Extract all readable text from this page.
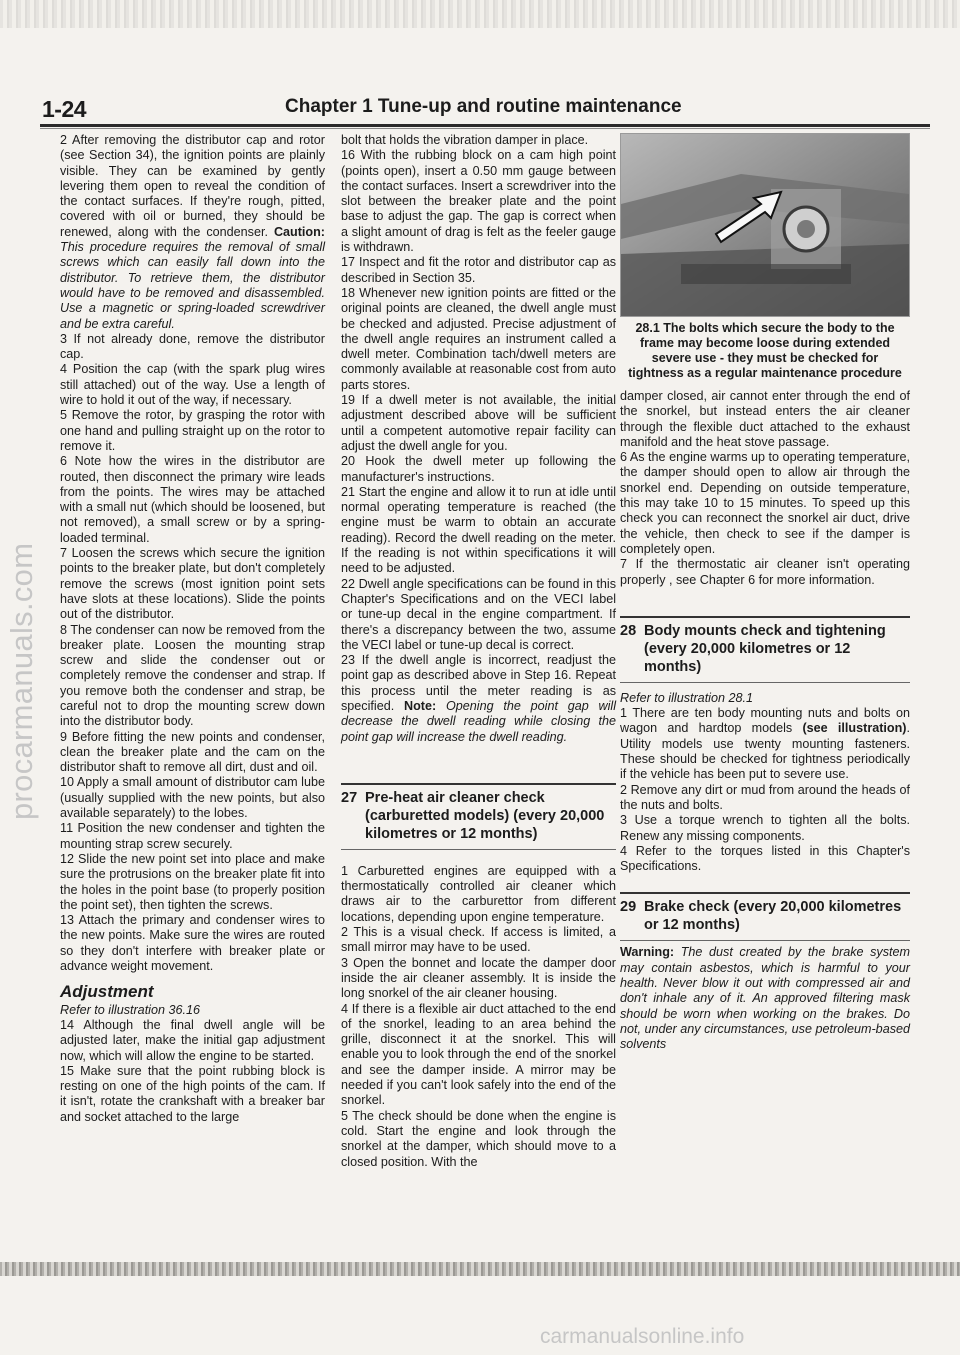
procarmanuals.com
1-24	Chapter 1 Tune-up and routine maintenance

2 After removing the distributor cap and rotor (see Section 34), the ignition points are plainly visible. They can be examined by gently levering them open to reveal the condition of the contact surfaces. If they're rough, pitted, covered with oil or burned, they should be renewed, along with the condenser. Caution: This procedure requires the removal of small screws which can easily fall down into the distributor. To retrieve them, the distributor would have to be removed and disassembled. Use a magnetic or spring-loaded screwdriver and be extra careful.

3 If not already done, remove the distributor cap.

4 Position the cap (with the spark plug wires still attached) out of the way. Use a length of wire to hold it out of the way, if necessary.

5 Remove the rotor, by grasping the rotor with one hand and pulling straight up on the rotor to remove it.

6 Note how the wires in the distributor are routed, then disconnect the primary wire leads from the points. The wires may be attached with a small nut (which should be loosened, but not removed), a small screw or by a spring-loaded terminal.

7 Loosen the screws which secure the ignition points to the breaker plate, but don't completely remove the screws (most ignition point sets have slots at these locations). Slide the points out of the distributor.

8 The condenser can now be removed from the breaker plate. Loosen the mounting strap screw and slide the condenser out or completely remove the condenser and strap. If you remove both the condenser and strap, be careful not to drop the mounting screw down into the distributor body.

9 Before fitting the new points and condenser, clean the breaker plate and the cam on the distributor shaft to remove all dirt, dust and oil.

10 Apply a small amount of distributor cam lube (usually supplied with the new points, but also available separately) to the lobes.

11 Position the new condenser and tighten the mounting strap screw securely.

12 Slide the new point set into place and make sure the protrusions on the breaker plate fit into the holes in the point base (to properly position the point set), then tighten the screws.

13 Attach the primary and condenser wires to the new points. Make sure the wires are routed so they don't interfere with breaker plate or advance weight movement.

Adjustment

Refer to illustration 36.16

14 Although the final dwell angle will be adjusted later, make the initial gap adjustment now, which will allow the engine to be started.

15 Make sure that the point rubbing block is resting on one of the high points of the cam. If it isn't, rotate the crankshaft with a breaker bar and socket attached to the large

bolt that holds the vibration damper in place.

16 With the rubbing block on a cam high point (points open), insert a 0.50 mm gauge between the contact surfaces. Insert a screwdriver into the slot between the breaker plate and the point base to adjust the gap. The gap is correct when a slight amount of drag is felt as the feeler gauge is withdrawn.

17 Inspect and fit the rotor and distributor cap as described in Section 35.

18 Whenever new ignition points are fitted or the original points are cleaned, the dwell angle must be checked and adjusted. Precise adjustment of the dwell angle requires an instrument called a dwell meter. Combination tach/dwell meters are commonly available at reasonable cost from auto parts stores.

19 If a dwell meter is not available, the initial adjustment described above will be sufficient until a competent automotive repair facility can adjust the dwell angle for you.

20 Hook the dwell meter up following the manufacturer's instructions.

21 Start the engine and allow it to run at idle until normal operating temperature is reached (the engine must be warm to obtain an accurate reading). Record the dwell reading on the meter. If the reading is not within specifications it will need to be adjusted.

22 Dwell angle specifications can be found in this Chapter's Specifications and on the VECI label or tune-up decal in the engine compartment. If there's a discrepancy between the two, assume the VECI label or tune-up decal is correct.

23 If the dwell angle is incorrect, readjust the point gap as described above in Step 16. Repeat this process until the meter reading is as specified. Note: Opening the point gap will decrease the dwell reading while closing the point gap will increase the dwell reading.

27 Pre-heat air cleaner check (carburetted models) (every 20,000 kilometres or 12 months)

1 Carburetted engines are equipped with a thermostatically controlled air cleaner which draws air to the carburettor from different locations, depending upon engine temperature.

2 This is a visual check. If access is limited, a small mirror may have to be used.

3 Open the bonnet and locate the damper door inside the air cleaner assembly. It is inside the long snorkel of the air cleaner housing.

4 If there is a flexible air duct attached to the end of the snorkel, leading to an area behind the grille, disconnect it at the snorkel. This will enable you to look through the end of the snorkel and see the damper inside. A mirror may be needed if you can't look safely into the end of the snorkel.

5 The check should be done when the engine is cold. Start the engine and look through the snorkel at the damper, which should move to a closed position. With the

28.1 The bolts which secure the body to the frame may become loose during extended severe use - they must be checked for tightness as a regular maintenance procedure

damper closed, air cannot enter through the end of the snorkel, but instead enters the air cleaner through the flexible duct attached to the exhaust manifold and the heat stove passage.

6 As the engine warms up to operating temperature, the damper should open to allow air through the snorkel end. Depending on outside temperature, this may take 10 to 15 minutes. To speed up this check you can reconnect the snorkel air duct, drive the vehicle, then check to see if the damper is completely open.

7 If the thermostatic air cleaner isn't operating properly , see Chapter 6 for more information.

28 Body mounts check and tightening (every 20,000 kilometres or 12 months)

Refer to illustration 28.1

1 There are ten body mounting nuts and bolts on wagon and hardtop models (see illustration). Utility models use twenty mounting fasteners. These should be checked for tightness periodically if the vehicle has been put to severe use.

2 Remove any dirt or mud from around the heads of the nuts and bolts.

3 Use a torque wrench to tighten all the bolts. Renew any missing components.

4 Refer to the torques listed in this Chapter's Specifications.

29 Brake check (every 20,000 kilometres or 12 months)

Warning: The dust created by the brake system may contain asbestos, which is harmful to your health. Never blow it out with compressed air and don't inhale any of it. An approved filtering mask should be worn when working on the brakes. Do not, under any circumstances, use petroleum-based solvents

carmanualsonline.info
